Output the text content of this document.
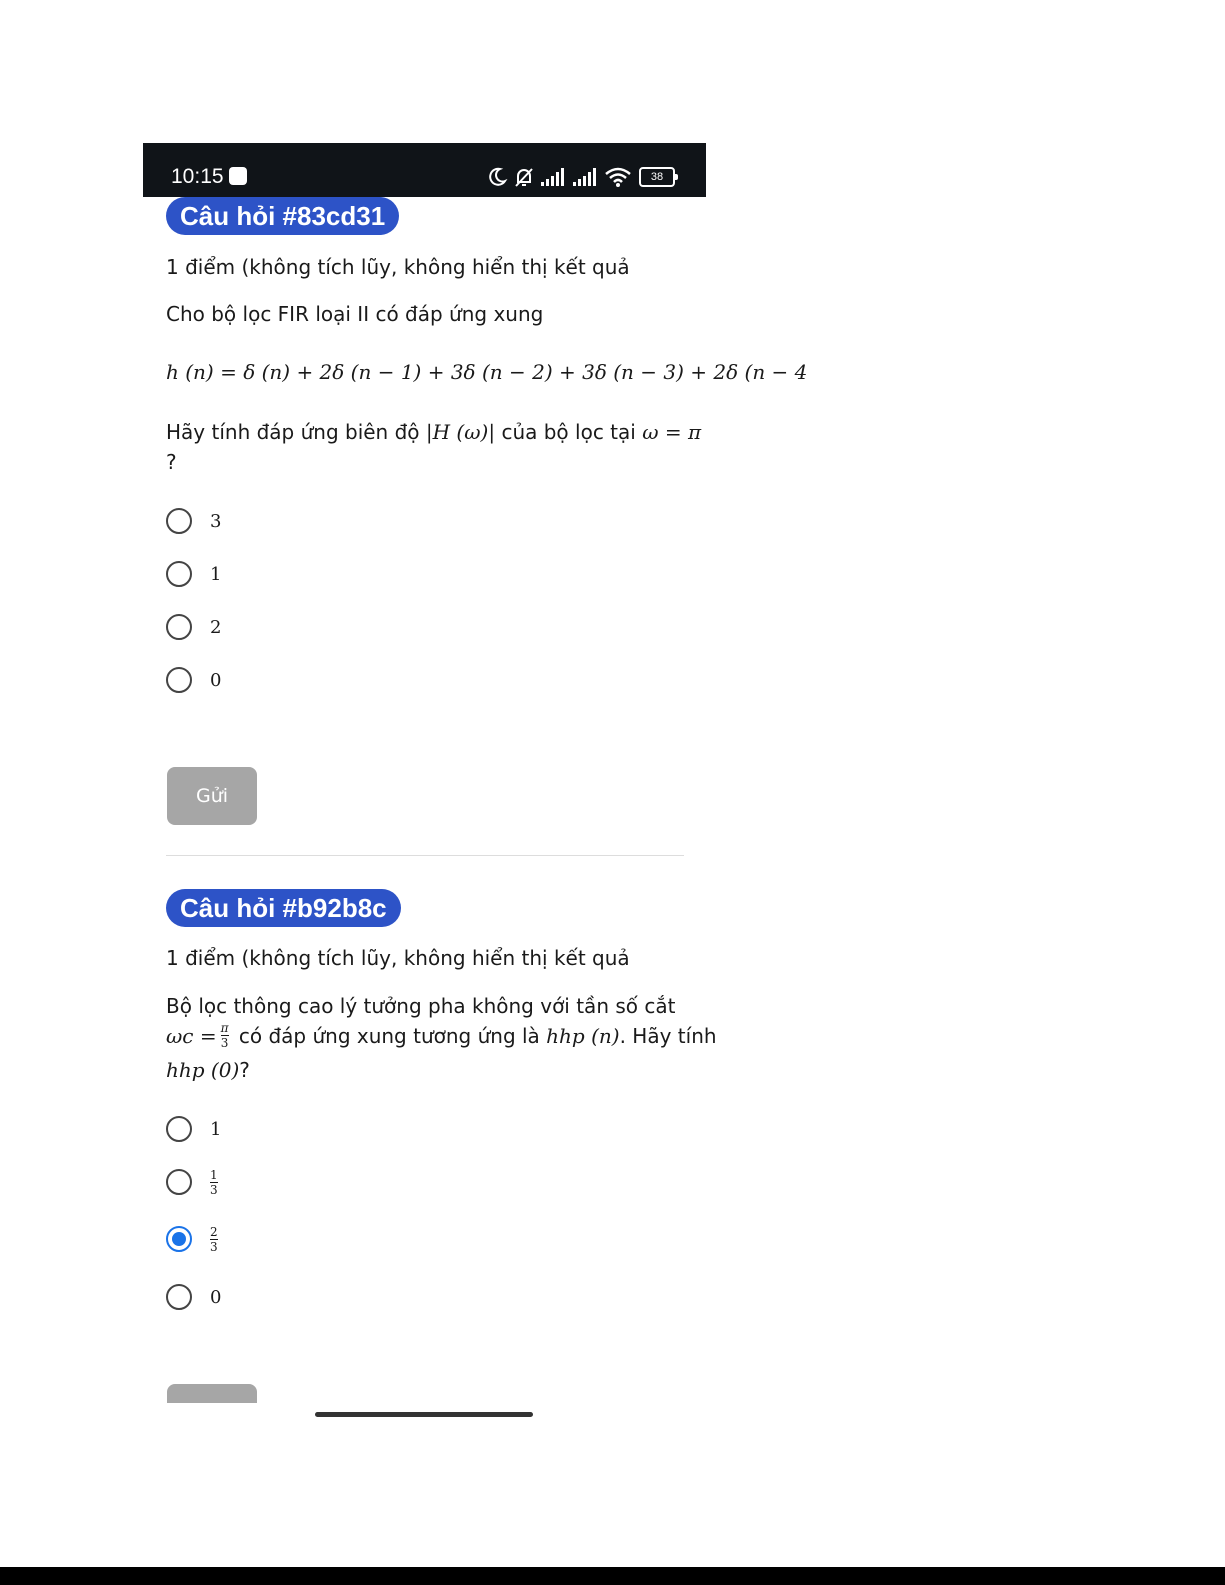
10:15	38
Câu hỏi #83cd31
1 điểm (không tích lũy, không hiển thị kết quả
Cho bộ lọc FIR loại II có đáp ứng xung
h (n) = δ (n) + 2δ (n − 1) + 3δ (n − 2) + 3δ (n − 3) + 2δ (n − 4
Hãy tính đáp ứng biên độ |H (ω)| của bộ lọc tại ω = π
?
3
1
2
0
Gửi
Câu hỏi #b92b8c
1 điểm (không tích lũy, không hiển thị kết quả
Bộ lọc thông cao lý tưởng pha không với tần số cắt
$\omega c = \frac{\pi}{3}$ có đáp ứng xung tương ứng là hhp (n) . Hãy tính
hhp (0)?
1
$\frac{1}{3}$
$\frac{2}{3}$
0
